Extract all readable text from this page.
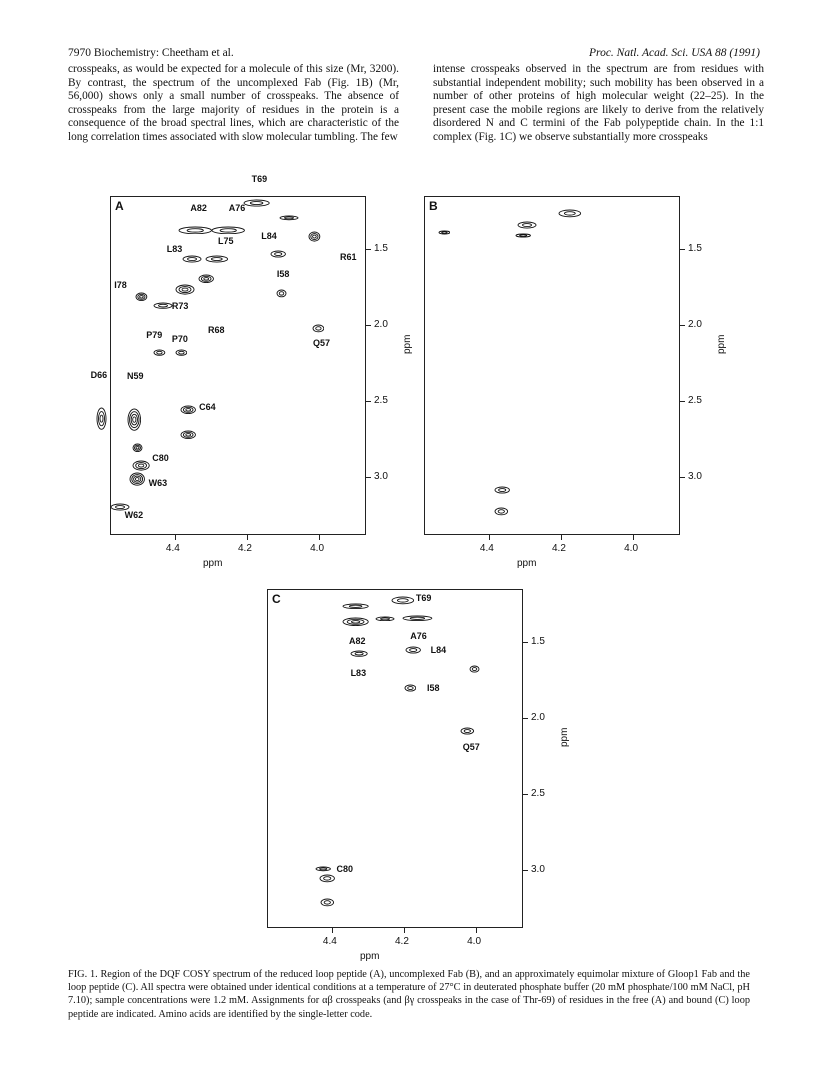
7970 Biochemistry: Cheetham et al.	Proc. Natl. Acad. Sci. USA 88 (1991)
crosspeaks, as would be expected for a molecule of this size (Mr, 3200). By contrast, the spectrum of the uncomplexed Fab (Fig. 1B) (Mr, 56,000) shows only a small number of crosspeaks. The absence of crosspeaks from the large majority of residues in the protein is a consequence of the broad spectral lines, which are characteristic of the long correlation times associated with slow molecular tumbling. The few
intense crosspeaks observed in the spectrum are from residues with substantial independent mobility; such mobility has been observed in a number of other proteins of high molecular weight (22–25). In the present case the mobile regions are likely to derive from the relatively disordered N and C termini of the Fab polypeptide chain. In the 1:1 complex (Fig. 1C) we observe substantially more crosspeaks
A
T69
A82 A76
L84
L83
L75
I78
I58
R73
Q57
P79 P70
D66 N59
C64
C80
W63
W62
R61
R68
B
C	T69
A82
A76
L84
L83
I58
Q57
C80
FIG. 1. Region of the DQF COSY spectrum of the reduced loop peptide (A), uncomplexed Fab (B), and an approximately equimolar mixture of Gloop1 Fab and the loop peptide (C). All spectra were obtained under identical conditions at a temperature of 27°C in deuterated phosphate buffer (20 mM phosphate/100 mM NaCl, pH 7.10); sample concentrations were 1.2 mM. Assignments for αβ crosspeaks (and βγ crosspeaks in the case of Thr-69) of residues in the free (A) and bound (C) loop peptide are indicated. Amino acids are identified by the single-letter code.
1.5
2.0
2.5
3.0
4.4	4.2	4.0
ppm
ppm
1.5
2.0
2.5
3.0
4.4	4.2	4.0
ppm
ppm
1.5
2.0
2.5
3.0
4.4	4.2	4.0
ppm
ppm
